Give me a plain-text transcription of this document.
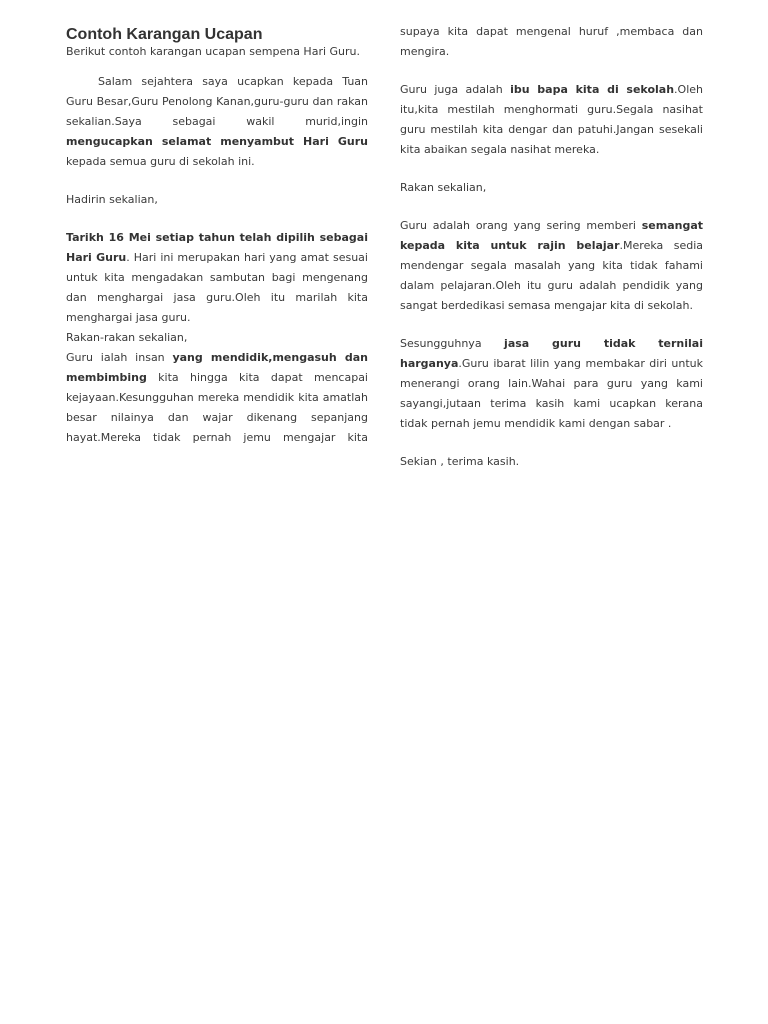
Contoh Karangan Ucapan

Berikut contoh karangan ucapan sempena Hari Guru.

Salam sejahtera saya ucapkan kepada Tuan Guru Besar,Guru Penolong Kanan,guru-guru dan rakan sekalian.Saya sebagai wakil murid,ingin mengucapkan selamat menyambut Hari Guru kepada semua guru di sekolah ini.

Hadirin sekalian,

Tarikh 16 Mei setiap tahun telah dipilih sebagai Hari Guru. Hari ini merupakan hari yang amat sesuai untuk kita mengadakan sambutan bagi mengenang dan menghargai jasa guru.Oleh itu marilah kita menghargai jasa guru.

Rakan-rakan sekalian,

Guru ialah insan yang mendidik,mengasuh dan membimbing kita hingga kita dapat mencapai kejayaan.Kesungguhan mereka mendidik kita amatlah besar nilainya dan wajar dikenang sepanjang hayat.Mereka tidak pernah jemu mengajar kita

supaya kita dapat mengenal huruf ,membaca dan mengira.

Guru juga adalah ibu bapa kita di sekolah.Oleh itu,kita mestilah menghormati guru.Segala nasihat guru mestilah kita dengar dan patuhi.Jangan sesekali kita abaikan segala nasihat mereka.

Rakan sekalian,

Guru adalah orang yang sering memberi semangat kepada kita untuk rajin belajar.Mereka sedia mendengar segala masalah yang kita tidak fahami dalam pelajaran.Oleh itu guru adalah pendidik yang sangat berdedikasi semasa mengajar kita di sekolah.

Sesungguhnya jasa guru tidak ternilai harganya.Guru ibarat lilin yang membakar diri untuk menerangi orang lain.Wahai para guru yang kami sayangi,jutaan terima kasih kami ucapkan kerana tidak pernah jemu mendidik kami dengan sabar .

Sekian , terima kasih.
